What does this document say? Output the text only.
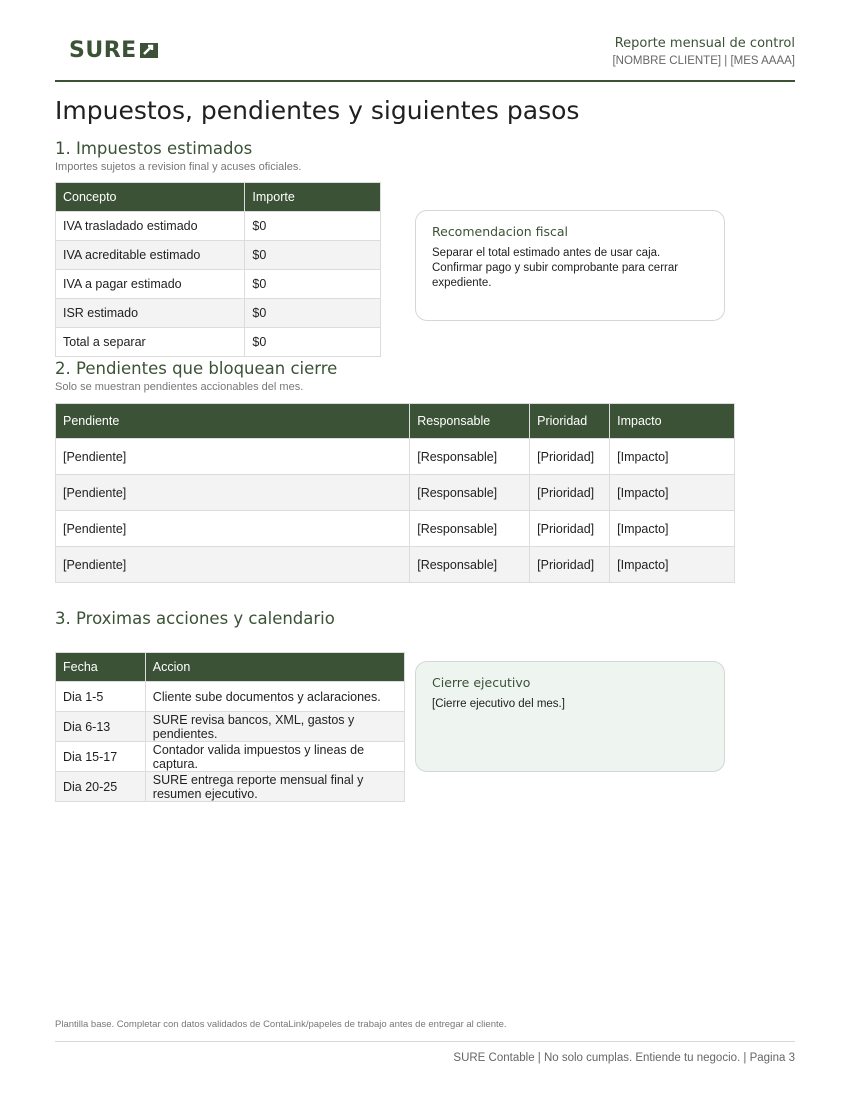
SURE	Reporte mensual de control
[NOMBRE CLIENTE] | [MES AAAA]
Impuestos, pendientes y siguientes pasos
1. Impuestos estimados
Importes sujetos a revision final y acuses oficiales.
Concepto	Importe
IVA trasladado estimado	$0
IVA acreditable estimado	$0
IVA a pagar estimado	$0
ISR estimado	$0
Total a separar	$0
Recomendacion fiscal
Separar el total estimado antes de usar caja. Confirmar pago y subir comprobante para cerrar expediente.
2. Pendientes que bloquean cierre
Solo se muestran pendientes accionables del mes.
Pendiente	Responsable	Prioridad	Impacto
[Pendiente]	[Responsable]	[Prioridad]	[Impacto]
[Pendiente]	[Responsable]	[Prioridad]	[Impacto]
[Pendiente]	[Responsable]	[Prioridad]	[Impacto]
[Pendiente]	[Responsable]	[Prioridad]	[Impacto]
3. Proximas acciones y calendario
Fecha	Accion
Dia 1-5	Cliente sube documentos y aclaraciones.
Dia 6-13	SURE revisa bancos, XML, gastos y pendientes.
Dia 15-17	Contador valida impuestos y lineas de captura.
Dia 20-25	SURE entrega reporte mensual final y resumen ejecutivo.
Cierre ejecutivo
[Cierre ejecutivo del mes.]
Plantilla base. Completar con datos validados de ContaLink/papeles de trabajo antes de entregar al cliente.
SURE Contable | No solo cumplas. Entiende tu negocio. | Pagina 3
